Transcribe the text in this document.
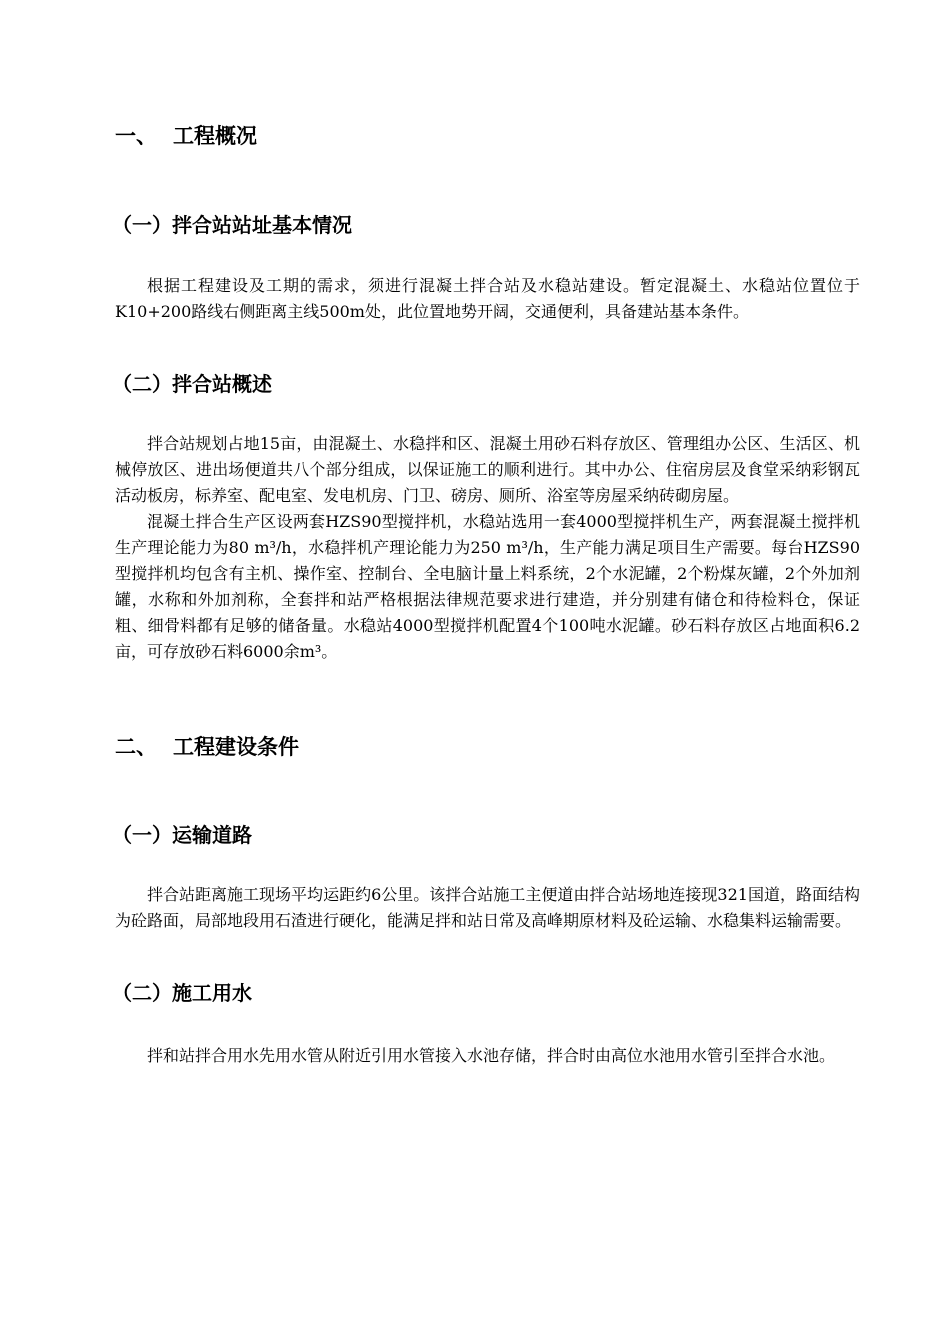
一、 工程概况
（一）拌合站站址基本情况

根据工程建设及工期的需求，须进行混凝土拌合站及水稳站建设。暂定混凝土、水稳站位置位于K10+200路线右侧距离主线500m处，此位置地势开阔，交通便利，具备建站基本条件。

（二）拌合站概述

拌合站规划占地15亩，由混凝土、水稳拌和区、混凝土用砂石料存放区、管理组办公区、生活区、机械停放区、进出场便道共八个部分组成，以保证施工的顺利进行。其中办公、住宿房层及食堂采纳彩钢瓦活动板房，标养室、配电室、发电机房、门卫、磅房、厕所、浴室等房屋采纳砖砌房屋。

混凝土拌合生产区设两套HZS90型搅拌机，水稳站选用一套4000型搅拌机生产，两套混凝土搅拌机生产理论能力为80 m³/h，水稳拌机产理论能力为250 m³/h，生产能力满足项目生产需要。每台HZS90型搅拌机均包含有主机、操作室、控制台、全电脑计量上料系统，2个水泥罐，2个粉煤灰罐，2个外加剂罐，水称和外加剂称，全套拌和站严格根据法律规范要求进行建造，并分别建有储仓和待检料仓，保证粗、细骨料都有足够的储备量。水稳站4000型搅拌机配置4个100吨水泥罐。砂石料存放区占地面积6.2亩，可存放砂石料6000余m³。

二、 工程建设条件
（一）运输道路

拌合站距离施工现场平均运距约6公里。该拌合站施工主便道由拌合站场地连接现321国道，路面结构为砼路面，局部地段用石渣进行硬化，能满足拌和站日常及高峰期原材料及砼运输、水稳集料运输需要。

（二）施工用水

拌和站拌合用水先用水管从附近引用水管接入水池存储，拌合时由高位水池用水管引至拌合水池。
